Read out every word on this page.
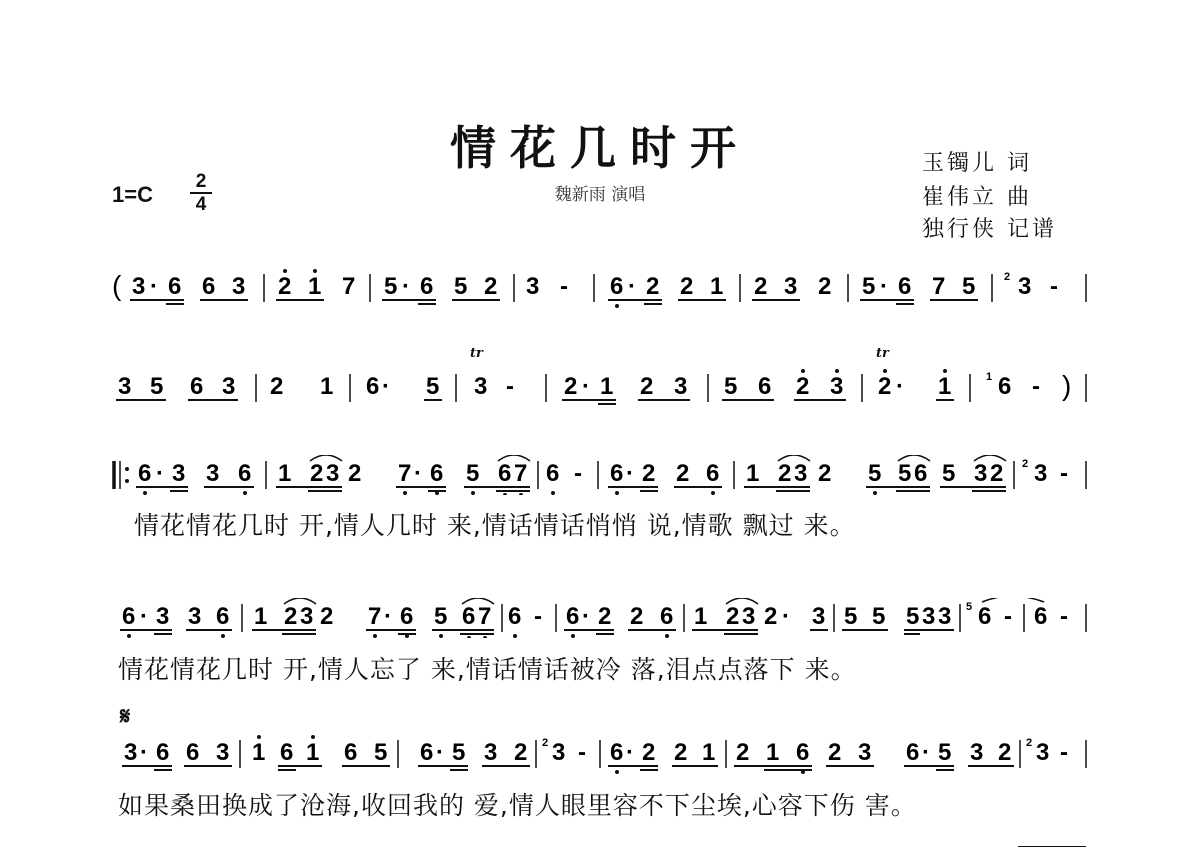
情花几时开
魏新雨 演唱
玉镯儿 词
崔伟立 曲
独行侠 记谱
1=C
2
4
( 3 · 6 6 3 2 1 7 5 · 6 5 2 3 - 6 · 2 2 1 2 3 2 5 · 6 7 5	2 3 -
3 5 6 3 2 1 6 · 5 3 - 2 · 1 2 3 5 6 2 3 2 · 1	1 6 - )
tr	tr
6 · 3 3 6 1 2 3 2 7 · 6 5 6 7 6 - 6 · 2 2 6 1 2 3 2 5 5 6 5 3 2 2 3 -
情花情花几时 开,情人几时 来,情话情话悄悄 说,情歌 飘过 来。
6 · 3 3 6 1 2 3 2 7 · 6 5 6 7 6 - 6 · 2 2 6 1 2 3 2 · 3 5 5 5 3 3 5 6 - 6 -
情花情花几时 开,情人忘了 来,情话情话被冷 落,泪点点落下 来。
𝄋
3 · 6 6 3 1 6 1 6 5 6 · 5 3 2 2 3 - 6 · 2 2 1 2 1 6 2 3 6 · 5 3 2 2 3 -
如果桑田换成了沧海,收回我的 爱,情人眼里容不下尘埃,心容下伤 害。
